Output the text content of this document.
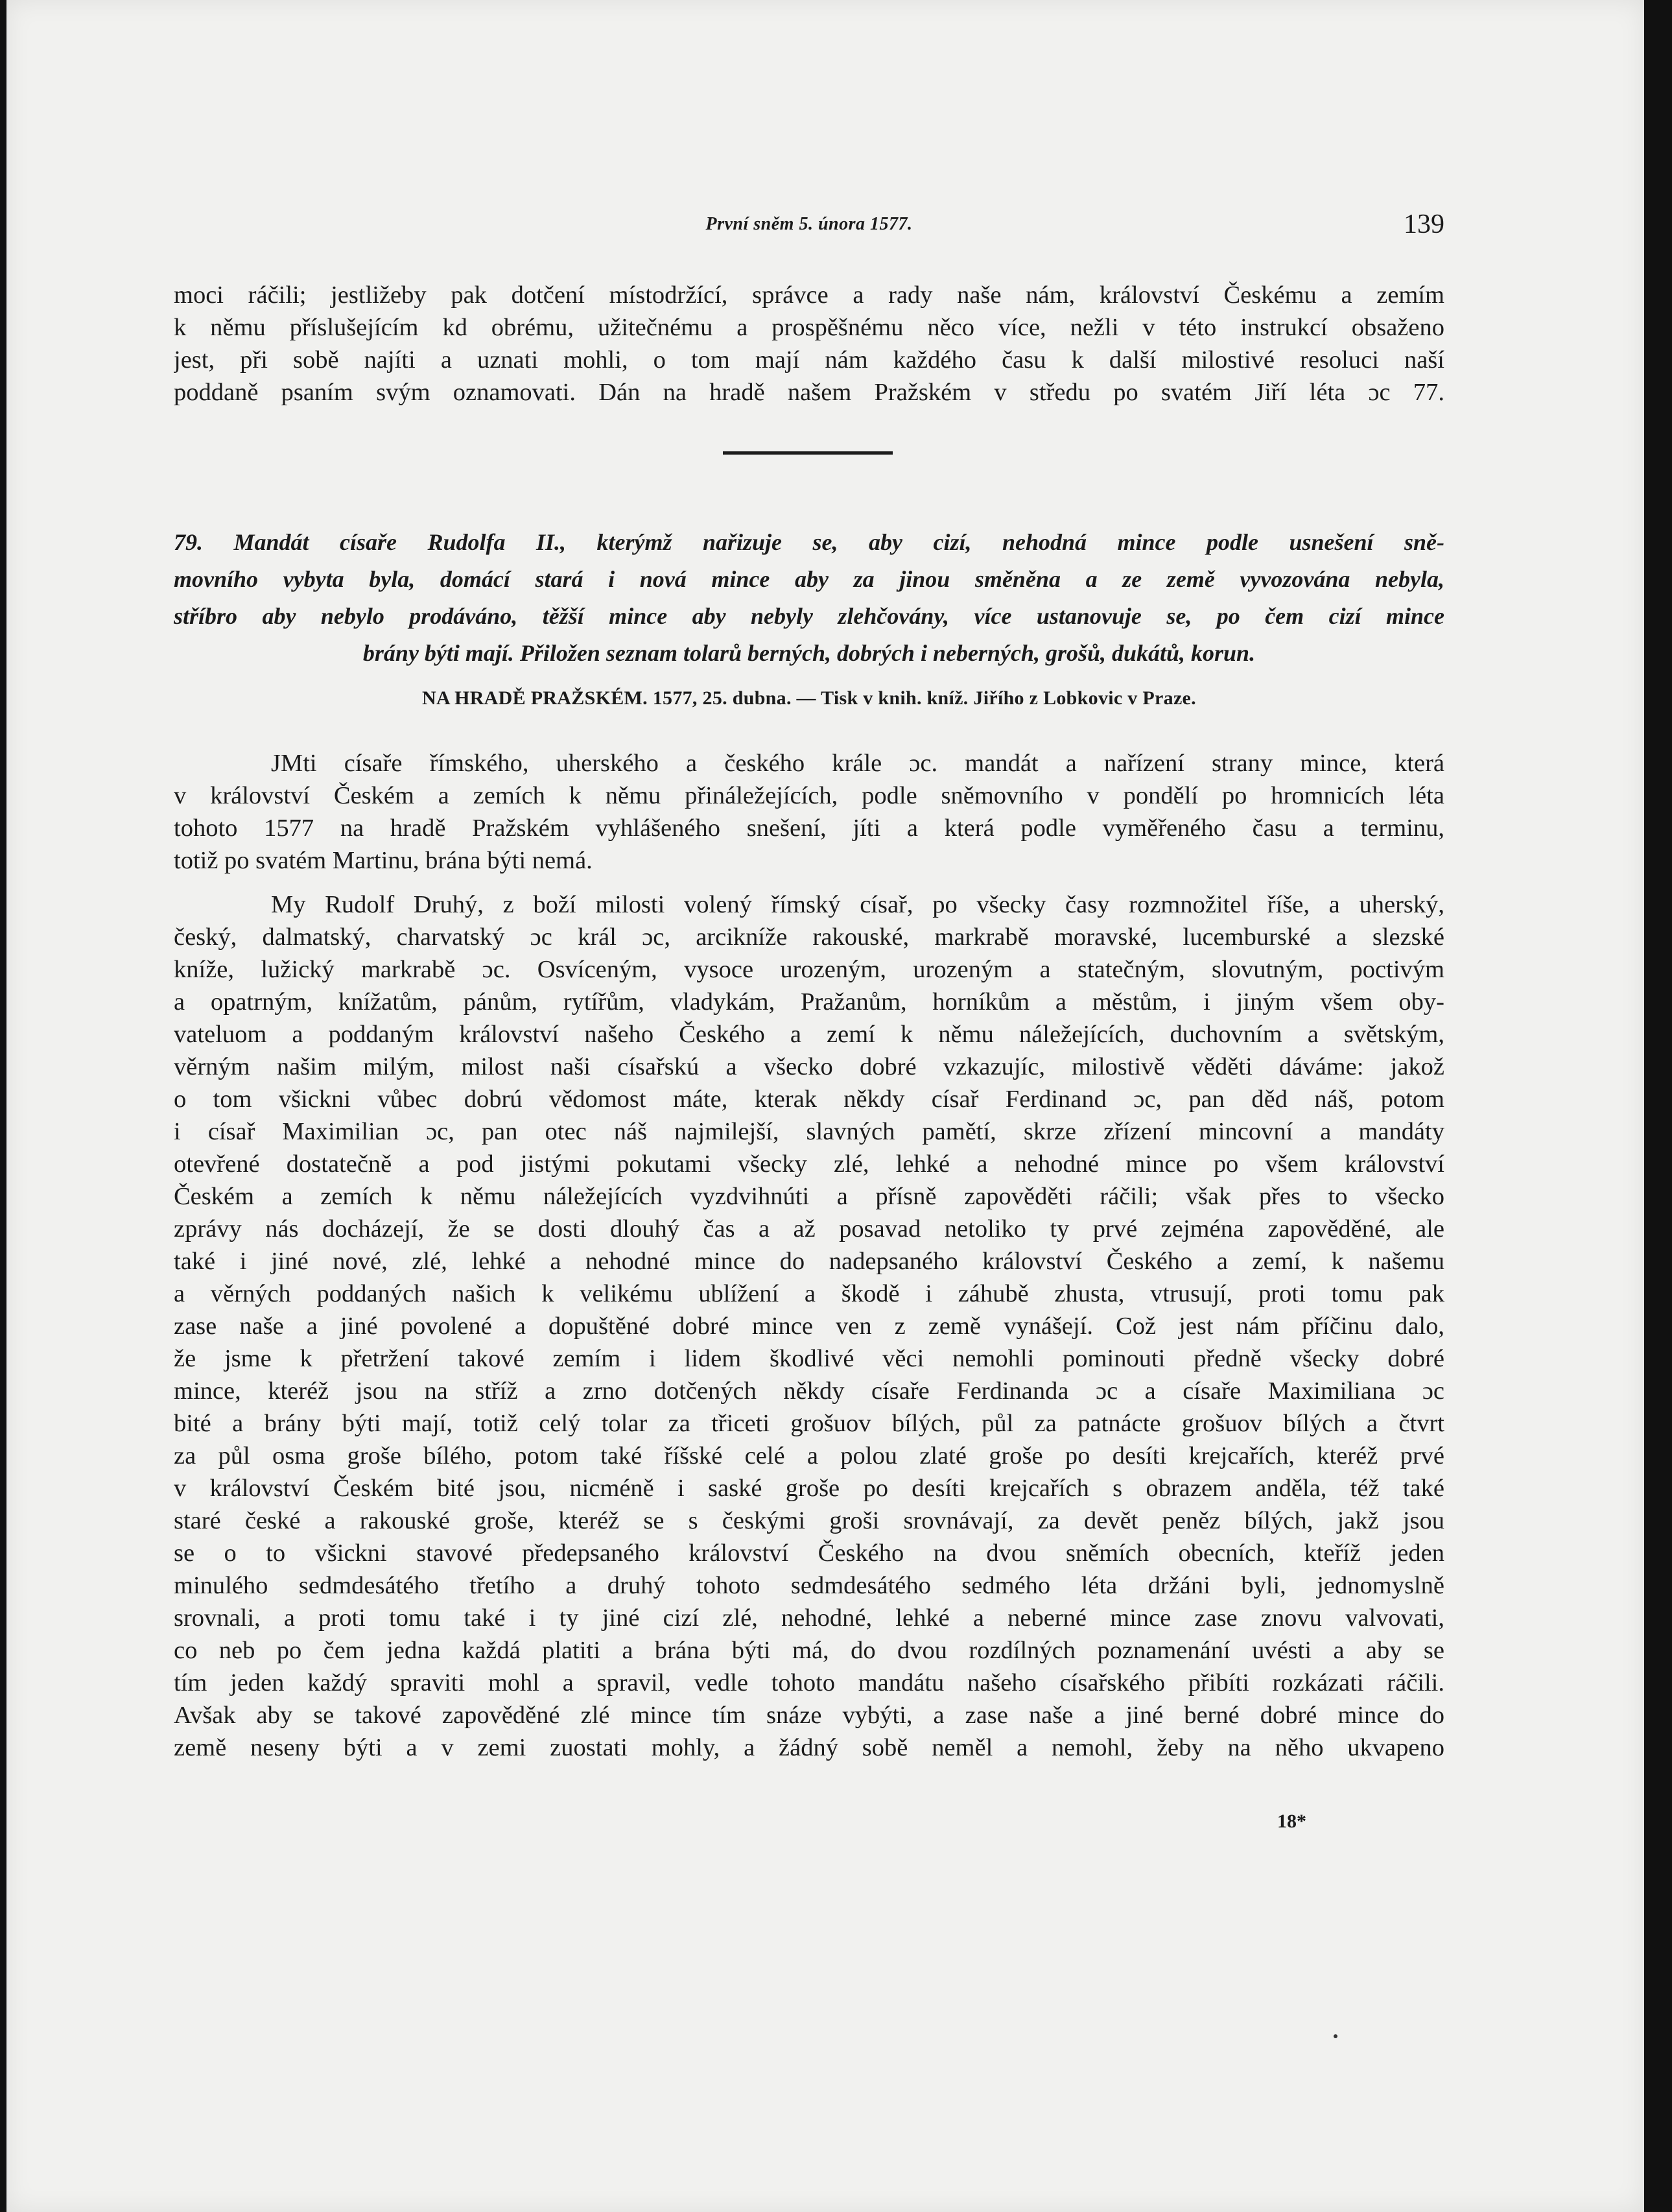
První sněm 5. února 1577.	139
moci ráčili; jestližeby pak dotčení místodržící, správce a rady naše nám, království Českému a zemím
k němu příslušejícím kd obrému, užitečnému a prospěšnému něco více, nežli v této instrukcí obsaženo
jest, při sobě najíti a uznati mohli, o tom mají nám každého času k další milostivé resoluci naší
poddaně psaním svým oznamovati. Dán na hradě našem Pražském v středu po svatém Jiří léta ɔc 77.
79. Mandát císaře Rudolfa II., kterýmž nařizuje se, aby cizí, nehodná mince podle usnešení sně-
movního vybyta byla, domácí stará i nová mince aby za jinou směněna a ze země vyvozována nebyla,
stříbro aby nebylo prodáváno, těžší mince aby nebyly zlehčovány, více ustanovuje se, po čem cizí mince
brány býti mají. Přiložen seznam tolarů berných, dobrých i neberných, grošů, dukátů, korun.
NA HRADĚ PRAŽSKÉM. 1577, 25. dubna. — Tisk v knih. kníž. Jiřího z Lobkovic v Praze.
JMti císaře římského, uherského a českého krále ɔc. mandát a nařízení strany mince, která
v království Českém a zemích k němu přináležejících, podle sněmovního v pondělí po hromnicích léta
tohoto 1577 na hradě Pražském vyhlášeného snešení, jíti a která podle vyměřeného času a terminu,
totiž po svatém Martinu, brána býti nemá.
My Rudolf Druhý, z boží milosti volený římský císař, po všecky časy rozmnožitel říše, a uherský,
český, dalmatský, charvatský ɔc král ɔc, arcikníže rakouské, markrabě moravské, lucemburské a slezské
kníže, lužický markrabě ɔc. Osvíceným, vysoce urozeným, urozeným a statečným, slovutným, poctivým
a opatrným, knížatům, pánům, rytířům, vladykám, Pražanům, horníkům a městům, i jiným všem oby-
vateluom a poddaným království našeho Českého a zemí k němu náležejících, duchovním a světským,
věrným našim milým, milost naši císařskú a všecko dobré vzkazujíc, milostivě věděti dáváme: jakož
o tom všickni vůbec dobrú vědomost máte, kterak někdy císař Ferdinand ɔc, pan děd náš, potom
i císař Maximilian ɔc, pan otec náš najmilejší, slavných pamětí, skrze zřízení mincovní a mandáty
otevřené dostatečně a pod jistými pokutami všecky zlé, lehké a nehodné mince po všem království
Českém a zemích k němu náležejících vyzdvihnúti a přísně zapověděti ráčili; však přes to všecko
zprávy nás docházejí, že se dosti dlouhý čas a až posavad netoliko ty prvé zejména zapověděné, ale
také i jiné nové, zlé, lehké a nehodné mince do nadepsaného království Českého a zemí, k našemu
a věrných poddaných našich k velikému ublížení a škodě i záhubě zhusta, vtrusují, proti tomu pak
zase naše a jiné povolené a dopuštěné dobré mince ven z země vynášejí. Což jest nám příčinu dalo,
že jsme k přetržení takové zemím i lidem škodlivé věci nemohli pominouti předně všecky dobré
mince, kteréž jsou na stříž a zrno dotčených někdy císaře Ferdinanda ɔc a císaře Maximiliana ɔc
bité a brány býti mají, totiž celý tolar za třiceti grošuov bílých, půl za patnácte grošuov bílých a čtvrt
za půl osma groše bílého, potom také říšské celé a polou zlaté groše po desíti krejcařích, kteréž prvé
v království Českém bité jsou, nicméně i saské groše po desíti krejcařích s obrazem anděla, též také
staré české a rakouské groše, kteréž se s českými groši srovnávají, za devět peněz bílých, jakž jsou
se o to všickni stavové předepsaného království Českého na dvou sněmích obecních, kteříž jeden
minulého sedmdesátého třetího a druhý tohoto sedmdesátého sedmého léta držáni byli, jednomyslně
srovnali, a proti tomu také i ty jiné cizí zlé, nehodné, lehké a neberné mince zase znovu valvovati,
co neb po čem jedna každá platiti a brána býti má, do dvou rozdílných poznamenání uvésti a aby se
tím jeden každý spraviti mohl a spravil, vedle tohoto mandátu našeho císařského přibíti rozkázati ráčili.
Avšak aby se takové zapověděné zlé mince tím snáze vybýti, a zase naše a jiné berné dobré mince do
země neseny býti a v zemi zuostati mohly, a žádný sobě neměl a nemohl, žeby na něho ukvapeno
18*
